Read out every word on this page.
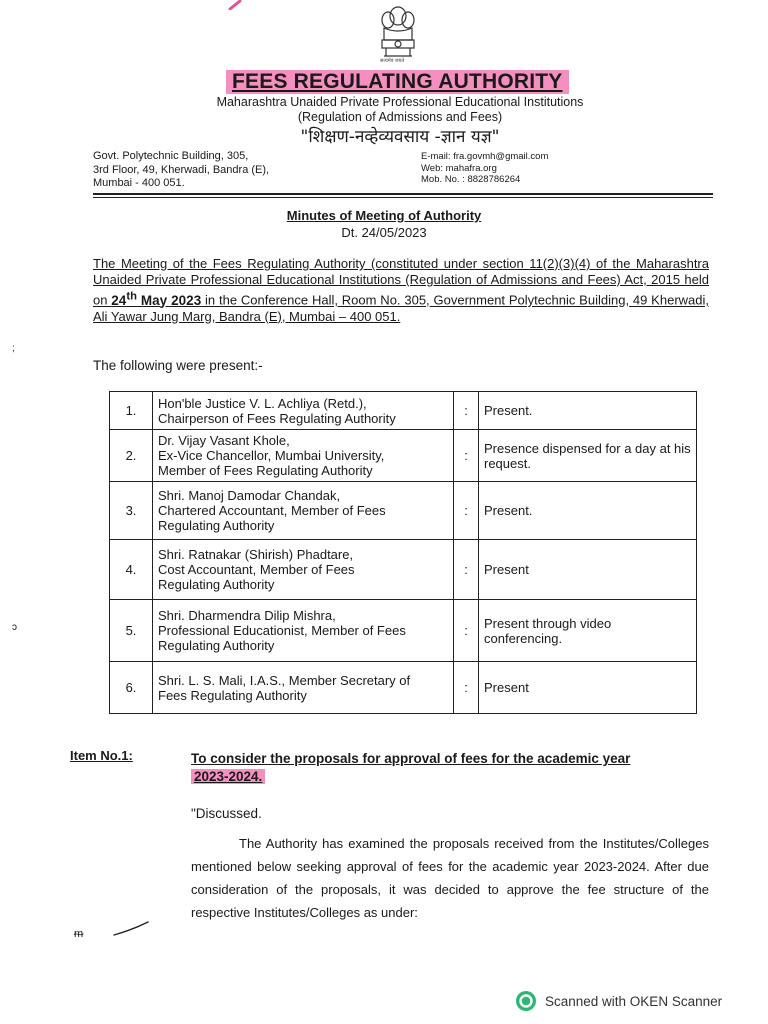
सत्यमेव जयते
FEES REGULATING AUTHORITY
Maharashtra Unaided Private Professional Educational Institutions
(Regulation of Admissions and Fees)
"शिक्षण-नव्हेव्यवसाय -ज्ञान यज्ञ"
Govt. Polytechnic Building, 305,
3rd Floor, 49, Kherwadi, Bandra (E),
Mumbai - 400 051.
E-mail: fra.govmh@gmail.com
Web: mahafra.org
Mob. No. : 8828786264
Minutes of Meeting of Authority
Dt. 24/05/2023
The Meeting of the Fees Regulating Authority (constituted under section 11(2)(3)(4) of the Maharashtra Unaided Private Professional Educational Institutions (Regulation of Admissions and Fees) Act, 2015 held on 24th May 2023 in the Conference Hall, Room No. 305, Government Polytechnic Building, 49 Kherwadi, Ali Yawar Jung Marg, Bandra (E), Mumbai – 400 051.
The following were present:-
1.	Hon'ble Justice V. L. Achliya (Retd.),
Chairperson of Fees Regulating Authority	:	Present.
2.	Dr. Vijay Vasant Khole,
Ex-Vice Chancellor, Mumbai University,
Member of Fees Regulating Authority	:	Presence dispensed for a day at his request.
3.	Shri. Manoj Damodar Chandak,
Chartered Accountant, Member of Fees
Regulating Authority	:	Present.
4.	Shri. Ratnakar (Shirish) Phadtare,
Cost Accountant, Member of Fees
Regulating Authority	:	Present
5.	Shri. Dharmendra Dilip Mishra,
Professional Educationist, Member of Fees
Regulating Authority	:	Present through video conferencing.
6.	Shri. L. S. Mali, I.A.S., Member Secretary of
Fees Regulating Authority	:	Present
Item No.1:	To consider the proposals for approval of fees for the academic year
2023-2024.
"Discussed.
The Authority has examined the proposals received from the Institutes/Colleges mentioned below seeking approval of fees for the academic year 2023-2024. After due consideration of the proposals, it was decided to approve the fee structure of the respective Institutes/Colleges as under:
;
ↄ
ᵯ
Scanned with OKEN Scanner
